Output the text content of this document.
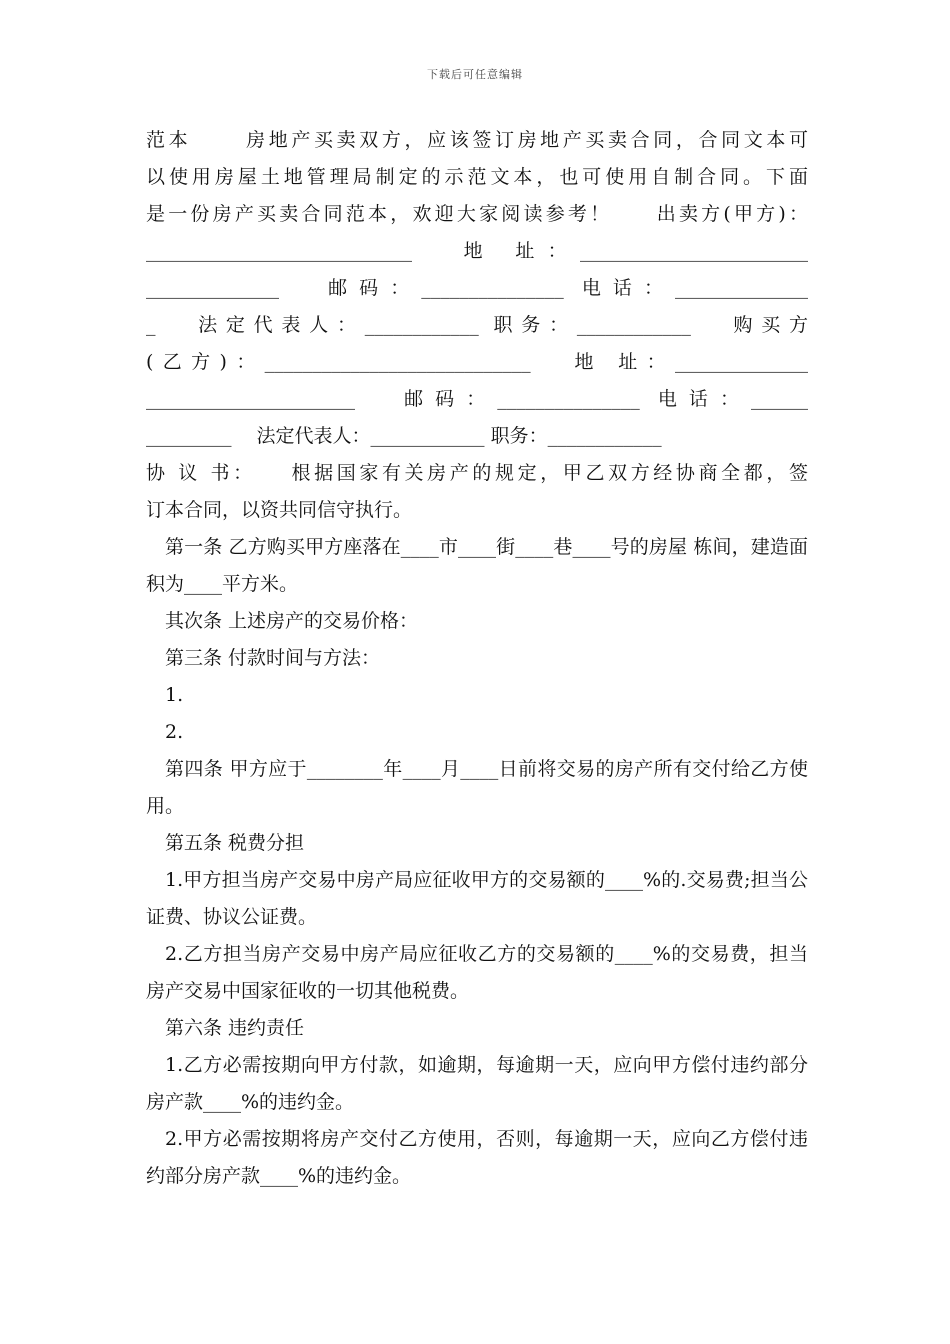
下载后可任意编辑

范本 　　房地产买卖双方，应该签订房地产买卖合同，合同文本可

以使用房屋土地管理局制定的示范文本，也可使用自制合同。下面

是一份房产买卖合同范本，欢迎大家阅读参考！　　出卖方(甲方)：

____________________________ 　地 址：________________________

______________ 　邮码：_______________ 电话：______________

_ 　法定代表人：____________ 职务：____________ 　购买方

(乙方)：____________________________ 　地 址：______________

______________________ 　邮码：_______________ 电话：______

_________ 　法定代表人：____________ 职务：____________

协 议 书：　　根据国家有关房产的规定，甲乙双方经协商全都，签

订本合同，以资共同信守执行。

第一条 乙方购买甲方座落在____市____街____巷____号的房屋 栋间，建造面积为____平方米。

其次条 上述房产的交易价格：

第三条 付款时间与方法：

1.

2.

第四条 甲方应于________年____月____日前将交易的房产所有交付给乙方使用。

第五条 税费分担

1.甲方担当房产交易中房产局应征收甲方的交易额的____%的.交易费;担当公证费、协议公证费。

2.乙方担当房产交易中房产局应征收乙方的交易额的____%的交易费，担当房产交易中国家征收的一切其他税费。

第六条 违约责任

1.乙方必需按期向甲方付款，如逾期，每逾期一天，应向甲方偿付违约部分房产款____%的违约金。

2.甲方必需按期将房产交付乙方使用，否则，每逾期一天，应向乙方偿付违约部分房产款____%的违约金。
